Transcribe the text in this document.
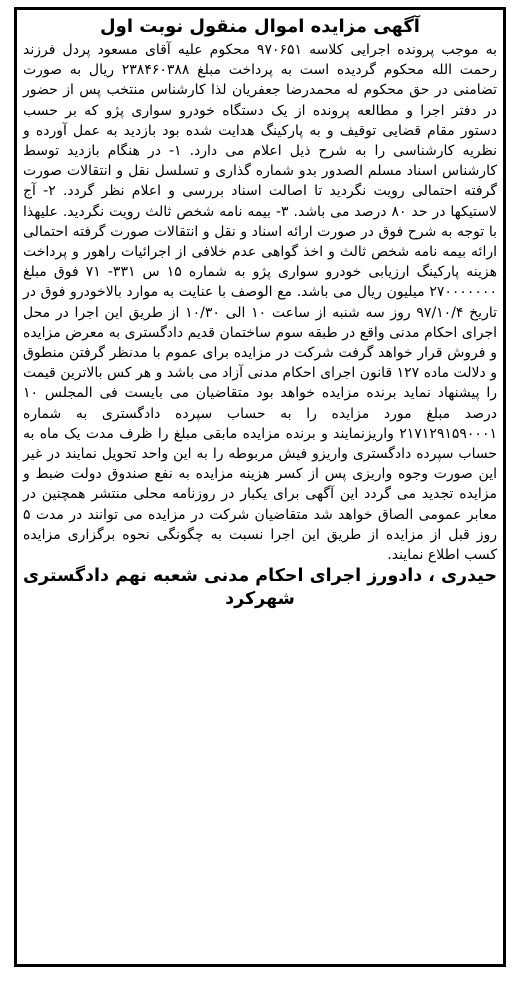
آگهی مزایده اموال منقول نوبت اول

به موجب پرونده اجرایی کلاسه ۹۷۰۶۵۱ محکوم علیه آقای مسعود پردل فرزند رحمت الله محکوم گردیده است به پرداخت مبلغ ۲۳۸۴۶۰۳۸۸ ریال به صورت تضامنی در حق محکوم له محمدرضا جعفریان لذا کارشناس منتخب پس از حضور در دفتر اجرا و مطالعه پرونده از یک دستگاه خودرو سواری پژو که بر حسب دستور مقام قضایی توقیف و به پارکینگ هدایت شده بود بازدید به عمل آورده و نظریه کارشناسی را به شرح ذیل اعلام می دارد. ۱- در هنگام بازدید توسط کارشناس اسناد مسلم الصدور بدو شماره گذاری و تسلسل نقل و انتقالات صورت گرفته احتمالی رویت نگردید تا اصالت اسناد بررسی و اعلام نظر گردد. ۲- آج لاستیکها در حد ۸۰ درصد می باشد. ۳- بیمه نامه شخص ثالث رویت نگردید. علیهذا با توجه به شرح فوق در صورت ارائه اسناد و نقل و انتقالات صورت گرفته احتمالی ارائه بیمه نامه شخص ثالث و اخذ گواهی عدم خلافی از اجرائیات راهور و پرداخت هزینه پارکینگ ارزیابی خودرو سواری پژو به شماره ۱۵ س ۳۳۱- ۷۱ فوق مبلغ ۲۷۰۰۰۰۰۰۰ میلیون ریال می باشد. مع الوصف با عنایت به موارد بالاخودرو فوق در تاریخ ۹۷/۱۰/۴ روز سه شنبه از ساعت ۱۰ الی ۱۰/۳۰ از طریق این اجرا در محل اجرای احکام مدنی واقع در طبقه سوم ساختمان قدیم دادگستری به معرض مزایده و فروش قرار خواهد گرفت شرکت در مزایده برای عموم با مدنظر گرفتن منطوق و دلالت ماده ۱۲۷ قانون اجرای احکام مدنی آزاد می باشد و هر کس بالاترین قیمت را پیشنهاد نماید برنده مزایده خواهد بود متقاضیان می بایست فی المجلس ۱۰ درصد مبلغ مورد مزایده را به حساب سپرده دادگستری به شماره ۲۱۷۱۲۹۱۵۹۰۰۰۱ واریزنمایند و برنده مزایده مابقی مبلغ را ظرف مدت یک ماه به حساب سپرده دادگستری واریزو فیش مربوطه را به این واحد تحویل نمایند در غیر این صورت وجوه واریزی پس از کسر هزینه مزایده به نفع صندوق دولت ضبط و مزایده تجدید می گردد این آگهی برای یکبار در روزنامه محلی منتشر همچنین در معابر عمومی الصاق خواهد شد متقاضیان شرکت در مزایده می توانند در مدت ۵ روز قبل از مزایده از طریق این اجرا نسبت به چگونگی نحوه برگزاری مزایده کسب اطلاع نمایند.

حیدری ، دادورز اجرای احکام مدنی شعبه نهم دادگستری شهرکرد
